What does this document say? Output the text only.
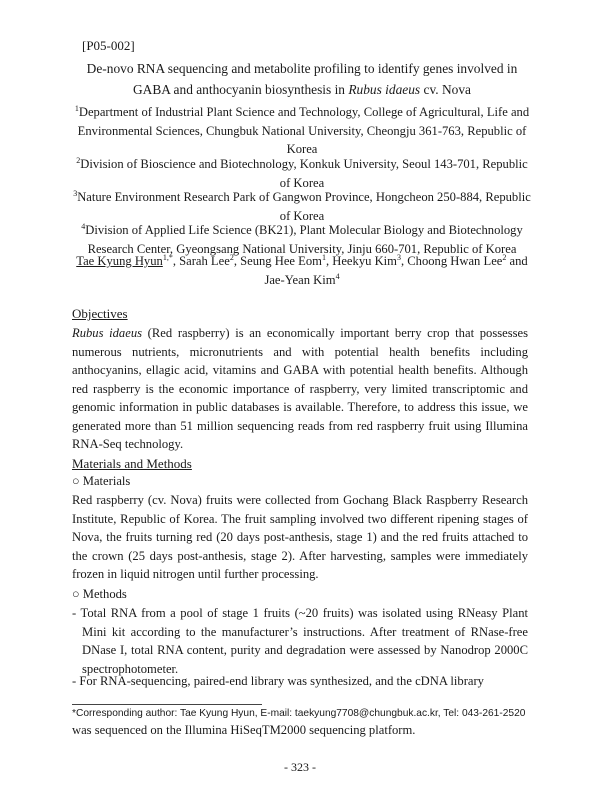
[P05-002]
De-novo RNA sequencing and metabolite profiling to identify genes involved in GABA and anthocyanin biosynthesis in Rubus idaeus cv. Nova
$^1$Department of Industrial Plant Science and Technology, College of Agricultural, Life and Environmental Sciences, Chungbuk National University, Cheongju 361-763, Republic of Korea
$^2$Division of Bioscience and Biotechnology, Konkuk University, Seoul 143-701, Republic of Korea
$^3$Nature Environment Research Park of Gangwon Province, Hongcheon 250-884, Republic of Korea
$^4$Division of Applied Life Science (BK21), Plant Molecular Biology and Biotechnology Research Center, Gyeongsang National University, Jinju 660-701, Republic of Korea
Tae Kyung Hyun$^{1,*}$, Sarah Lee$^2$, Seung Hee Eom$^1$, Heekyu Kim$^3$, Choong Hwan Lee$^2$ and Jae-Yean Kim$^4$
Objectives
Rubus idaeus (Red raspberry) is an economically important berry crop that possesses numerous nutrients, micronutrients and with potential health benefits including anthocyanins, ellagic acid, vitamins and GABA with potential health benefits. Although red raspberry is the economic importance of raspberry, very limited transcriptomic and genomic information in public databases is available. Therefore, to address this issue, we generated more than 51 million sequencing reads from red raspberry fruit using Illumina RNA-Seq technology.
Materials and Methods
○ Materials
Red raspberry (cv. Nova) fruits were collected from Gochang Black Raspberry Research Institute, Republic of Korea. The fruit sampling involved two different ripening stages of Nova, the fruits turning red (20 days post-anthesis, stage 1) and the red fruits attached to the crown (25 days post-anthesis, stage 2). After harvesting, samples were immediately frozen in liquid nitrogen until further processing.
○ Methods
- Total RNA from a pool of stage 1 fruits (~20 fruits) was isolated using RNeasy Plant Mini kit according to the manufacturer’s instructions. After treatment of RNase-free DNase I, total RNA content, purity and degradation were assessed by Nanodrop 2000C spectrophotometer.
- For RNA-sequencing, paired-end library was synthesized, and the cDNA library
*Corresponding author: Tae Kyung Hyun, E-mail: taekyung7708@chungbuk.ac.kr, Tel: 043-261-2520
was sequenced on the Illumina HiSeqTM2000 sequencing platform.
- 323 -
